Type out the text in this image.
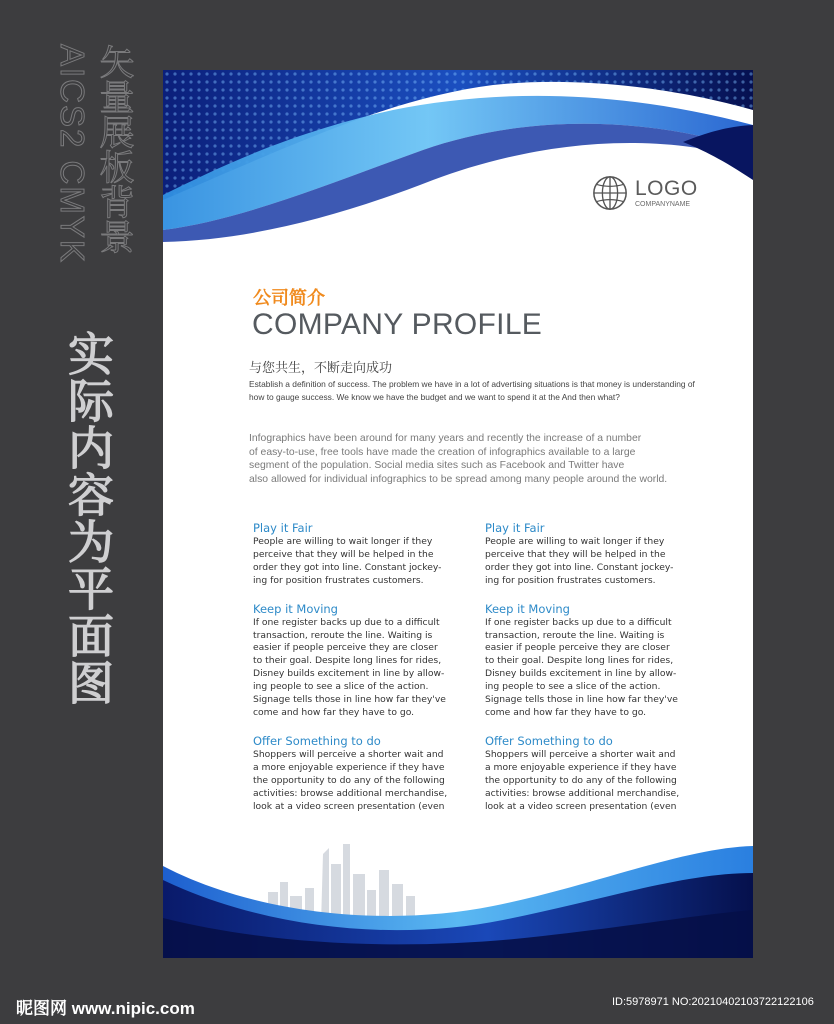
AICS2 CMYK 矢量展板背景
实际内容为平面图
LOGO
COMPANYNAME
公司简介
COMPANY PROFILE
与您共生，不断走向成功
Establish a definition of success. The problem we have in a lot of advertising situations is that money is understanding of how to gauge success. We know we have the budget and we want to spend it at the And then what?
Infographics have been around for many years and recently the increase of a number
of easy-to-use, free tools have made the creation of infographics available to a large
segment of the population. Social media sites such as Facebook and Twitter have
also allowed for individual infographics to be spread among many people around the world.
Play it Fair
People are willing to wait longer if they
perceive that they will be helped in the
order they got into line. Constant jockey-
ing for position frustrates customers.
Keep it Moving
If one register backs up due to a difficult
transaction, reroute the line. Waiting is
easier if people perceive they are closer
to their goal. Despite long lines for rides,
Disney builds excitement in line by allow-
ing people to see a slice of the action.
Signage tells those in line how far they've
come and how far they have to go.
Offer Something to do
Shoppers will perceive a shorter wait and
a more enjoyable experience if they have
the opportunity to do any of the following
activities: browse additional merchandise,
look at a video screen presentation (even
Play it Fair
People are willing to wait longer if they
perceive that they will be helped in the
order they got into line. Constant jockey-
ing for position frustrates customers.
Keep it Moving
If one register backs up due to a difficult
transaction, reroute the line. Waiting is
easier if people perceive they are closer
to their goal. Despite long lines for rides,
Disney builds excitement in line by allow-
ing people to see a slice of the action.
Signage tells those in line how far they've
come and how far they have to go.
Offer Something to do
Shoppers will perceive a shorter wait and
a more enjoyable experience if they have
the opportunity to do any of the following
activities: browse additional merchandise,
look at a video screen presentation (even
昵图网 www.nipic.com	ID:5978971 NO:20210402103722122106
